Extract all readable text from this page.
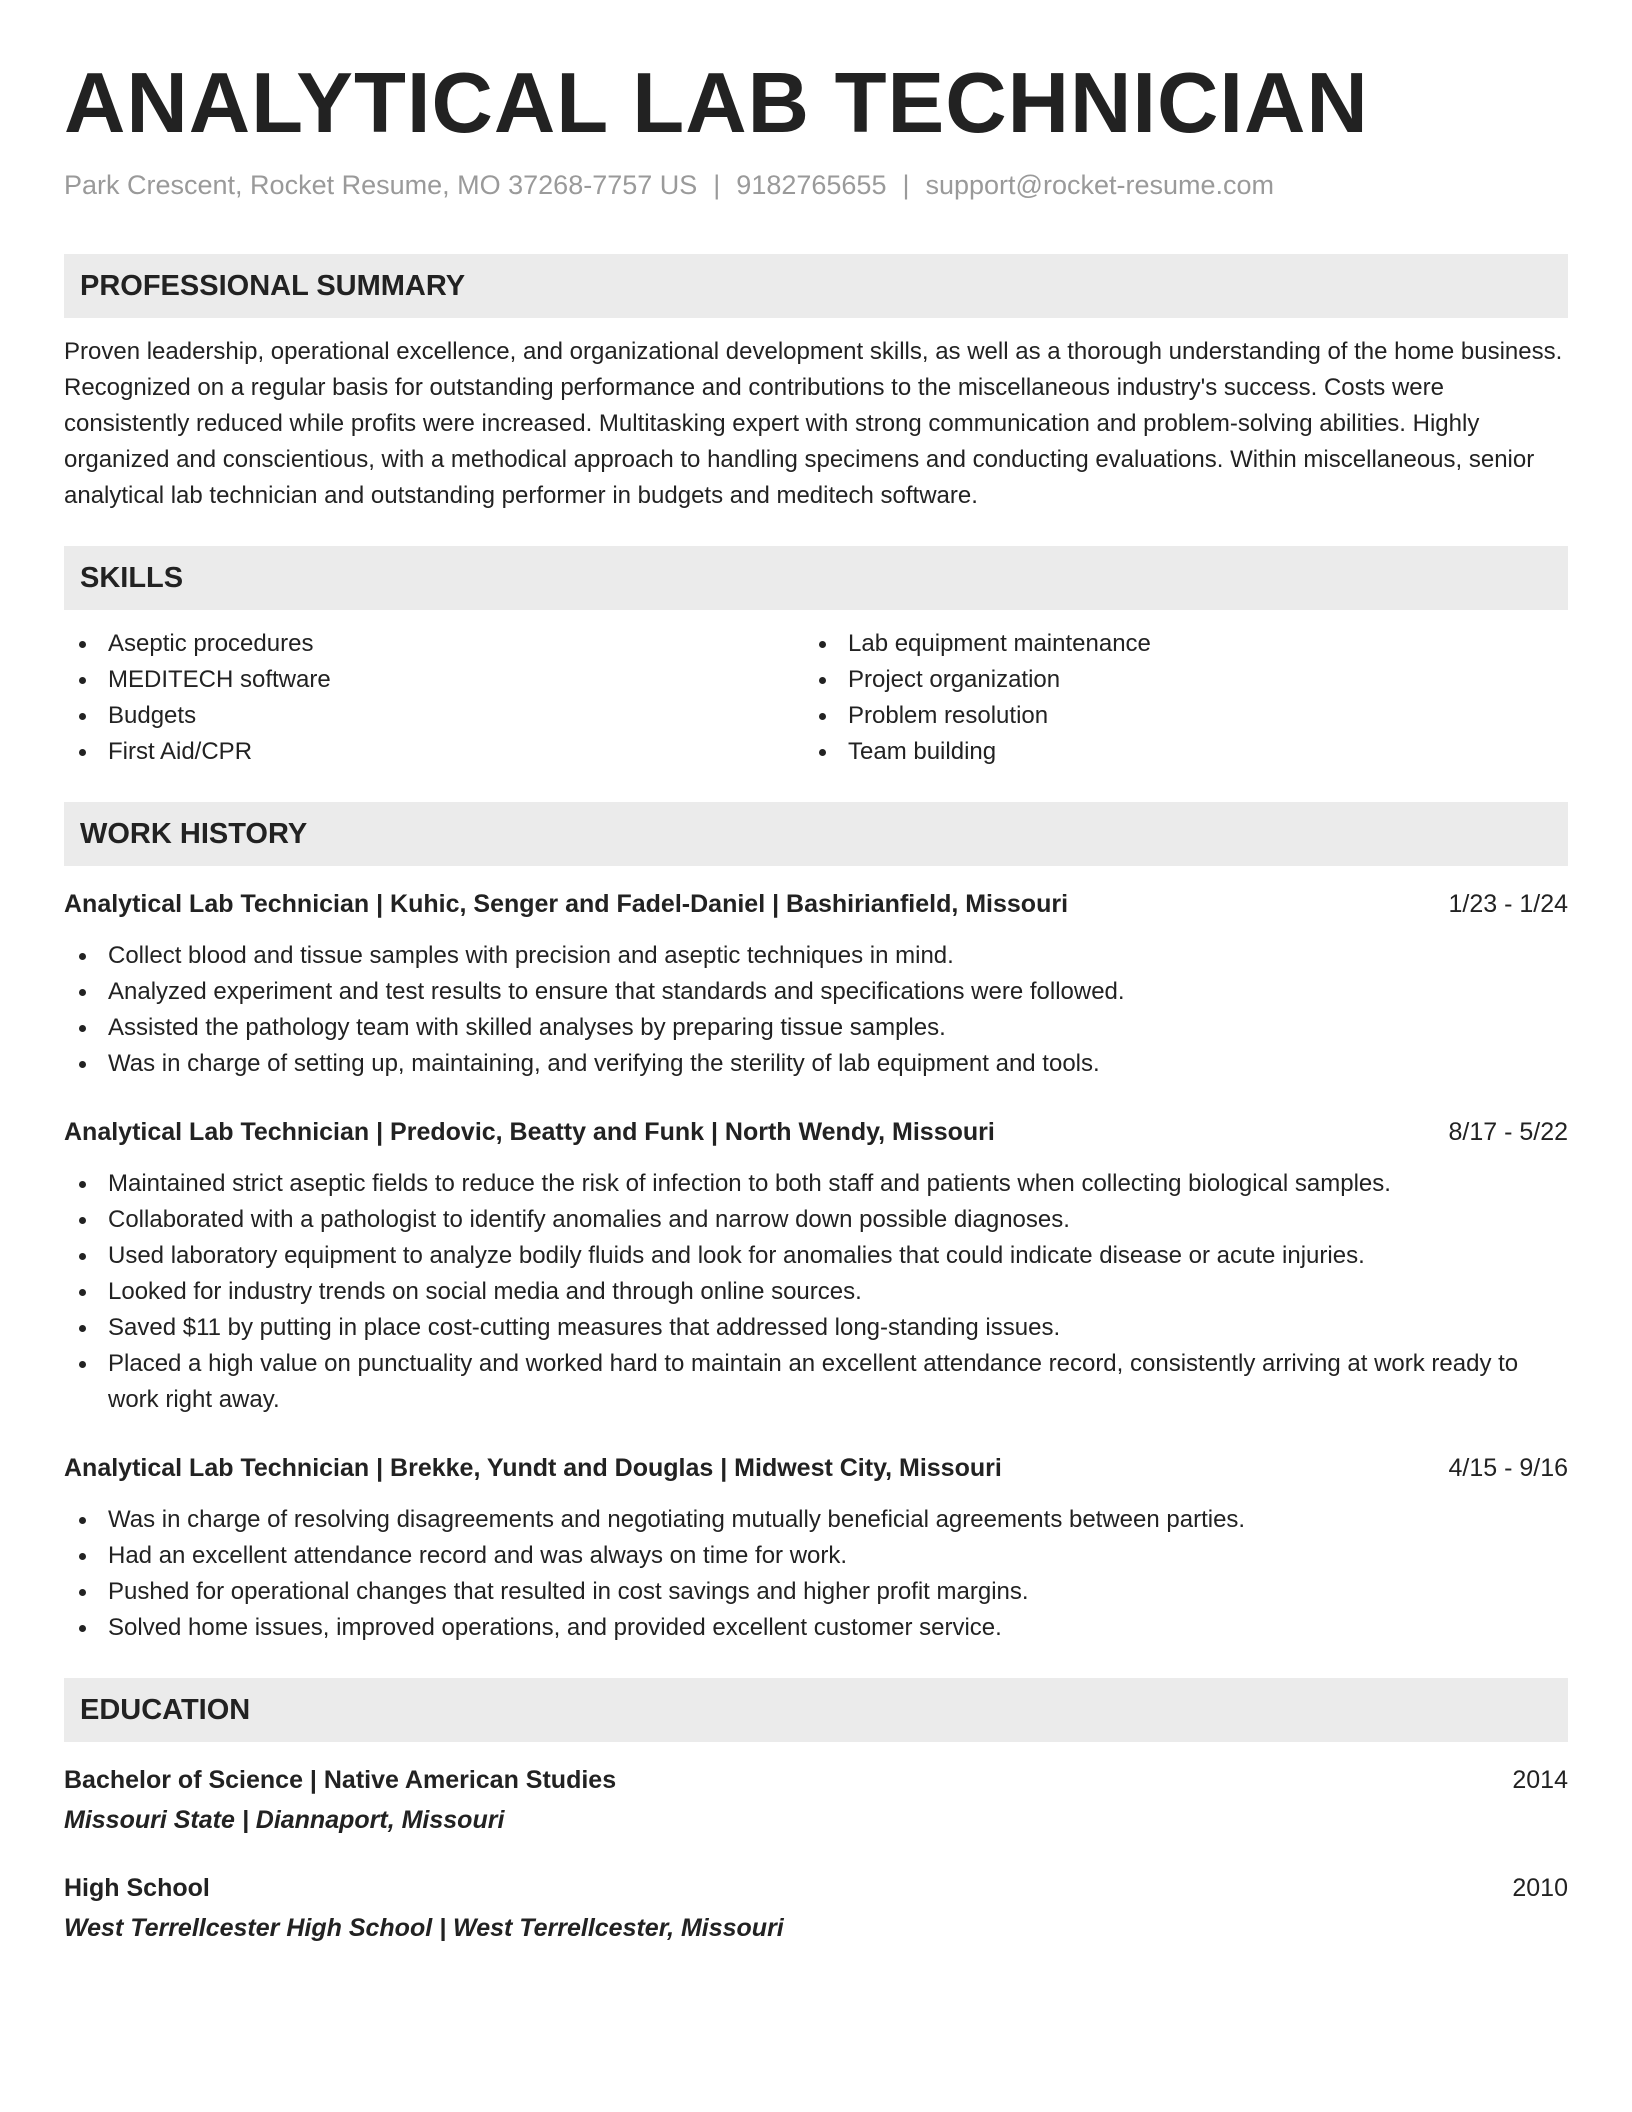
ANALYTICAL LAB TECHNICIAN
Park Crescent, Rocket Resume, MO 37268-7757 US | 9182765655 | support@rocket-resume.com
PROFESSIONAL SUMMARY

Proven leadership, operational excellence, and organizational development skills, as well as a thorough understanding of the home business. Recognized on a regular basis for outstanding performance and contributions to the miscellaneous industry's success. Costs were consistently reduced while profits were increased. Multitasking expert with strong communication and problem-solving abilities. Highly organized and conscientious, with a methodical approach to handling specimens and conducting evaluations. Within miscellaneous, senior analytical lab technician and outstanding performer in budgets and meditech software.

SKILLS
Aseptic procedures
MEDITECH software
Budgets
First Aid/CPR
Lab equipment maintenance
Project organization
Problem resolution
Team building
WORK HISTORY
Analytical Lab Technician | Kuhic, Senger and Fadel-Daniel | Bashirianfield, Missouri	1/23 - 1/24
Collect blood and tissue samples with precision and aseptic techniques in mind.
Analyzed experiment and test results to ensure that standards and specifications were followed.
Assisted the pathology team with skilled analyses by preparing tissue samples.
Was in charge of setting up, maintaining, and verifying the sterility of lab equipment and tools.
Analytical Lab Technician | Predovic, Beatty and Funk | North Wendy, Missouri	8/17 - 5/22
Maintained strict aseptic fields to reduce the risk of infection to both staff and patients when collecting biological samples.
Collaborated with a pathologist to identify anomalies and narrow down possible diagnoses.
Used laboratory equipment to analyze bodily fluids and look for anomalies that could indicate disease or acute injuries.
Looked for industry trends on social media and through online sources.
Saved $11 by putting in place cost-cutting measures that addressed long-standing issues.
Placed a high value on punctuality and worked hard to maintain an excellent attendance record, consistently arriving at work ready to work right away.
Analytical Lab Technician | Brekke, Yundt and Douglas | Midwest City, Missouri	4/15 - 9/16
Was in charge of resolving disagreements and negotiating mutually beneficial agreements between parties.
Had an excellent attendance record and was always on time for work.
Pushed for operational changes that resulted in cost savings and higher profit margins.
Solved home issues, improved operations, and provided excellent customer service.
EDUCATION
Bachelor of Science | Native American Studies	2014
Missouri State | Diannaport, Missouri
High School	2010
West Terrellcester High School | West Terrellcester, Missouri
